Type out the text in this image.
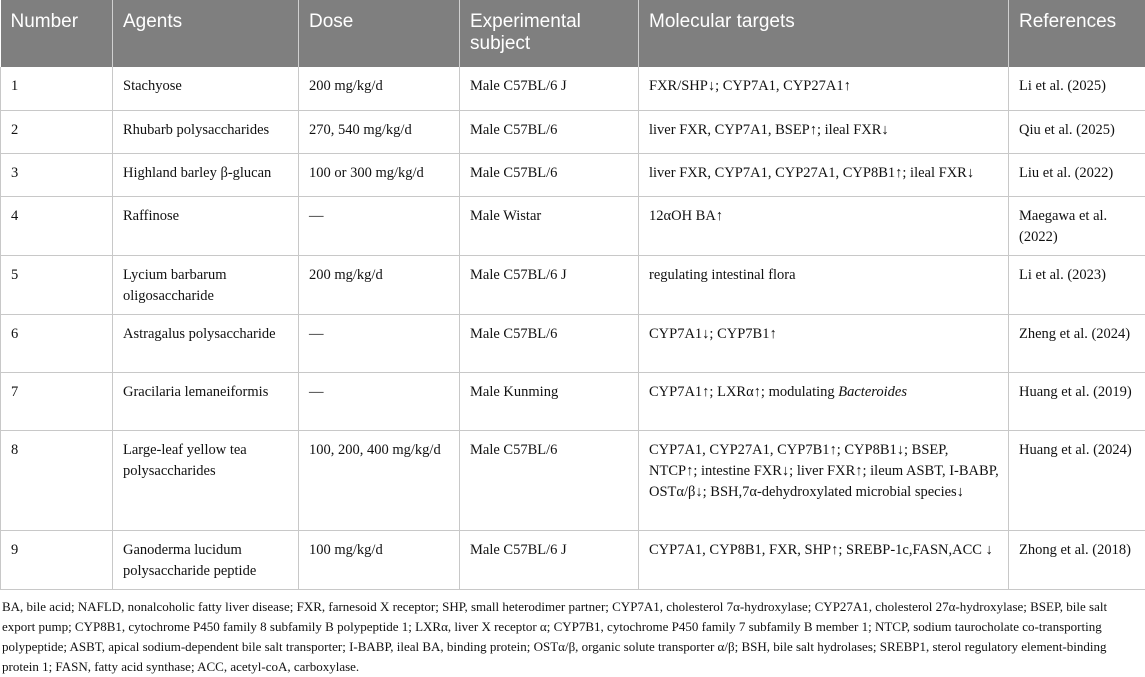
Number	Agents	Dose	Experimental subject	Molecular targets	References
1	Stachyose	200 mg/kg/d	Male C57BL/6 J	FXR/SHP↓; CYP7A1, CYP27A1↑	Li et al. (2025)
2	Rhubarb polysaccharides	270, 540 mg/kg/d	Male C57BL/6	liver FXR, CYP7A1, BSEP↑; ileal FXR↓	Qiu et al. (2025)
3	Highland barley β-glucan	100 or 300 mg/kg/d	Male C57BL/6	liver FXR, CYP7A1, CYP27A1, CYP8B1↑; ileal FXR↓	Liu et al. (2022)
4	Raffinose	—	Male Wistar	12αOH BA↑	Maegawa et al. (2022)
5	Lycium barbarum oligosaccharide	200 mg/kg/d	Male C57BL/6 J	regulating intestinal flora	Li et al. (2023)
6	Astragalus polysaccharide	—	Male C57BL/6	CYP7A1↓; CYP7B1↑	Zheng et al. (2024)
7	Gracilaria lemaneiformis	—	Male Kunming	CYP7A1↑; LXRα↑; modulating Bacteroides	Huang et al. (2019)
8	Large-leaf yellow tea polysaccharides	100, 200, 400 mg/kg/d	Male C57BL/6	CYP7A1, CYP27A1, CYP7B1↑; CYP8B1↓; BSEP, NTCP↑; intestine FXR↓; liver FXR↑; ileum ASBT, I-BABP, OSTα/β↓; BSH,7α-dehydroxylated microbial species↓	Huang et al. (2024)
9	Ganoderma lucidum polysaccharide peptide	100 mg/kg/d	Male C57BL/6 J	CYP7A1, CYP8B1, FXR, SHP↑; SREBP-1c,FASN,ACC ↓	Zhong et al. (2018)
BA, bile acid; NAFLD, nonalcoholic fatty liver disease; FXR, farnesoid X receptor; SHP, small heterodimer partner; CYP7A1, cholesterol 7α-hydroxylase; CYP27A1, cholesterol 27α-hydroxylase; BSEP, bile salt export pump; CYP8B1, cytochrome P450 family 8 subfamily B polypeptide 1; LXRα, liver X receptor α; CYP7B1, cytochrome P450 family 7 subfamily B member 1; NTCP, sodium taurocholate co-transporting polypeptide; ASBT, apical sodium-dependent bile salt transporter; I-BABP, ileal BA, binding protein; OSTα/β, organic solute transporter α/β; BSH, bile salt hydrolases; SREBP1, sterol regulatory element-binding protein 1; FASN, fatty acid synthase; ACC, acetyl-coA, carboxylase.
